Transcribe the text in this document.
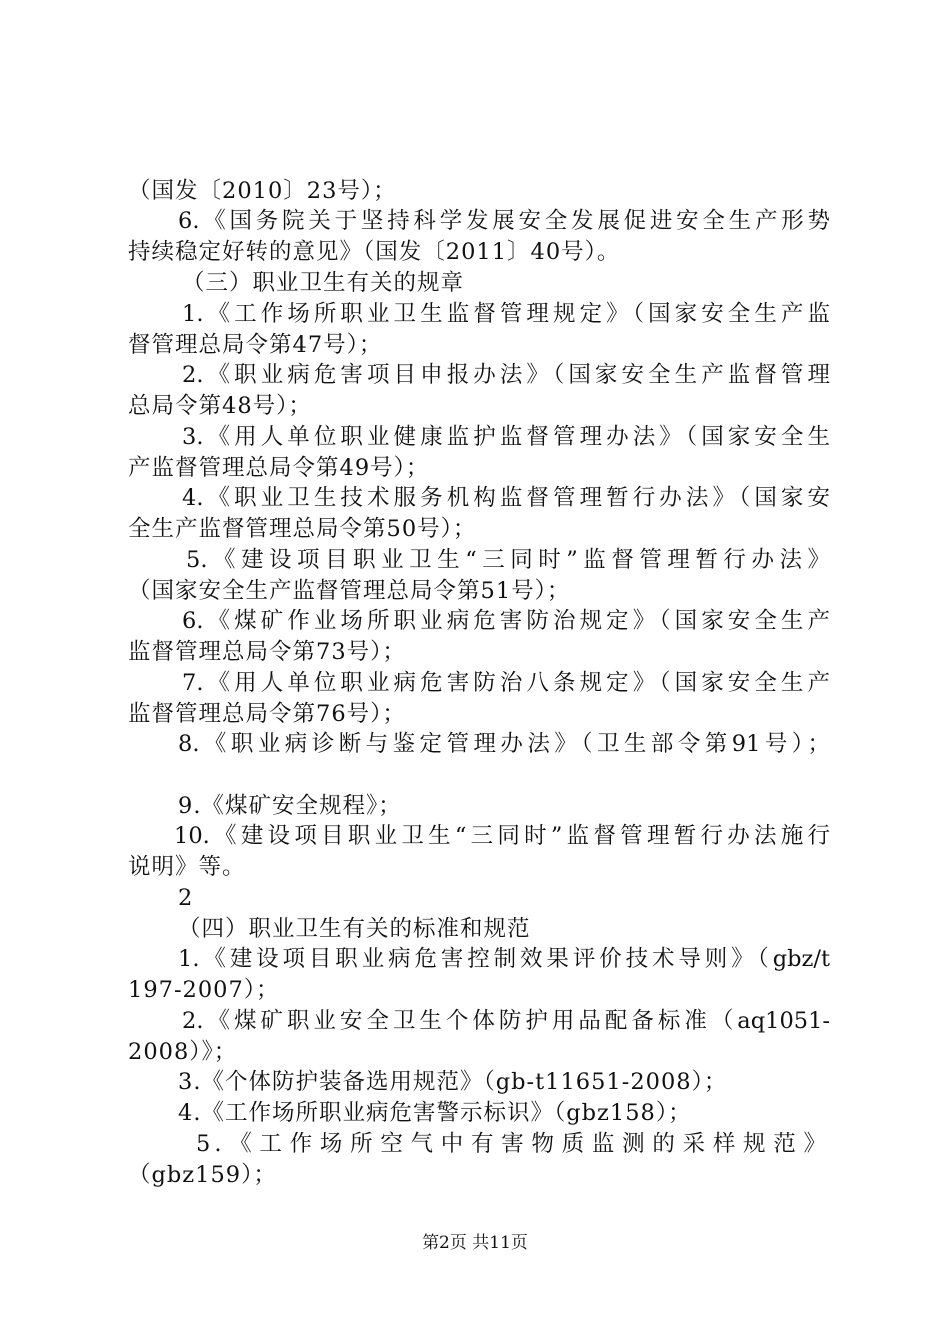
（国发〔2010〕23号）；
6.《国务院关于坚持科学发展安全发展促进安全生产形势
持续稳定好转的意见》（国发〔2011〕40号）。
（三）职业卫生有关的规章
1.《工作场所职业卫生监督管理规定》（国家安全生产监
督管理总局令第47号）；
2.《职业病危害项目申报办法》（国家安全生产监督管理
总局令第48号）；
3.《用人单位职业健康监护监督管理办法》（国家安全生
产监督管理总局令第49号）；
4.《职业卫生技术服务机构监督管理暂行办法》（国家安
全生产监督管理总局令第50号）；
5.《建设项目职业卫生“三同时”监督管理暂行办法》
（国家安全生产监督管理总局令第51号）；
6.《煤矿作业场所职业病危害防治规定》（国家安全生产
监督管理总局令第73号）；
7.《用人单位职业病危害防治八条规定》（国家安全生产
监督管理总局令第76号）；
8.《职业病诊断与鉴定管理办法》（卫生部令第91号）；
9.《煤矿安全规程》；
10.《建设项目职业卫生“三同时”监督管理暂行办法施行
说明》等。
2
（四）职业卫生有关的标准和规范
1.《建设项目职业病危害控制效果评价技术导则》（gbz/t
197-2007）；
2.《煤矿职业安全卫生个体防护用品配备标准（aq1051-
2008）》；
3.《个体防护装备选用规范》（gb-t11651-2008）；
4.《工作场所职业病危害警示标识》（gbz158）；
5.《工作场所空气中有害物质监测的采样规范》
（gbz159）；
第2页 共11页
